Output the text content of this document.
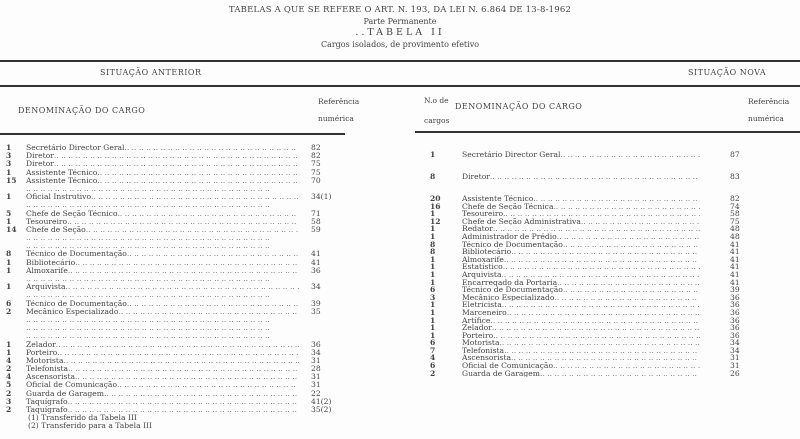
TABELAS A QUE SE REFERE O ART. N. 193, DA LEI N. 6.864 DE 13-8-1962
Parte Permanente
..TABELA II
Cargos isolados, de provimento efetivo
SITUAÇÃO ANTERIOR	SITUAÇÃO NOVA
DENOMINAÇÃO DO CARGO
Referência
numérica
N.o de
cargos
DENOMINAÇÃO DO CARGO
Referência
numérica
1	Secretário Director Geral .. ..	82
3	Diretor .. ..	82
3	Diretor .. ..	75
1	Assistente Técnico .. ..	75
15	Assistente Técnico .. ..	70
.. ..
1	Oficial Instrutivo .. ..	34(1)
.. ..
5	Chefe de Seção Técnico .. ..	71
1	Tesoureiro .. ..	58
14	Chefe de Seção .. ..	59
.. ..
.. ..
8	Técnico de Documentação .. ..	41
1	Bibliotecário .. ..	41
1	Almoxarife .. ..	36
.. ..
1	Arquivista .. ..	34
.. ..
6	Técnico de Documentação .. ..	39
2	Mecânico Especializado .. ..	35
.. ..
.. ..
.. ..
1	Zelador .. ..	36
1	Porteiro .. ..	34
4	Motorista .. ..	31
2	Telefonista .. ..	28
4	Ascensorista .. ..	31
5	Oficial de Comunicação .. ..	31
2	Guarda de Garagem .. ..	22
3	Taquígrafo .. ..	41(2)
2	Taquígrafo .. ..	35(2)
(1) Transferido da Tabela III
(2) Transferido para a Tabela III
1	Secretário Director Geral .. ..	87
8	Diretor .. ..	83
20	Assistente Técnico .. ..	82
16	Chefe de Seção Técnica .. ..	74
1	Tesoureiro .. ..	58
12	Chefe de Seção Administrativa .. ..	75
1	Redator .. ..	48
1	Administrador de Prédio .. ..	48
8	Técnico de Documentação .. ..	41
8	Bibliotecário .. ..	41
1	Almoxarife .. ..	41
1	Estatístico .. ..	41
1	Arquivista .. ..	41
1	Encarregado da Portaria .. ..	41
6	Técnico de Documentação .. ..	39
3	Mecânico Especializado .. ..	36
1	Eletricista .. ..	36
1	Marceneiro .. ..	36
1	Artífice .. ..	36
1	Zelador .. ..	36
1	Porteiro .. ..	36
6	Motorista .. ..	34
7	Telefonista .. ..	34
4	Ascensorista .. ..	31
6	Oficial de Comunicação .. ..	31
2	Guarda de Garagem .. ..	26
